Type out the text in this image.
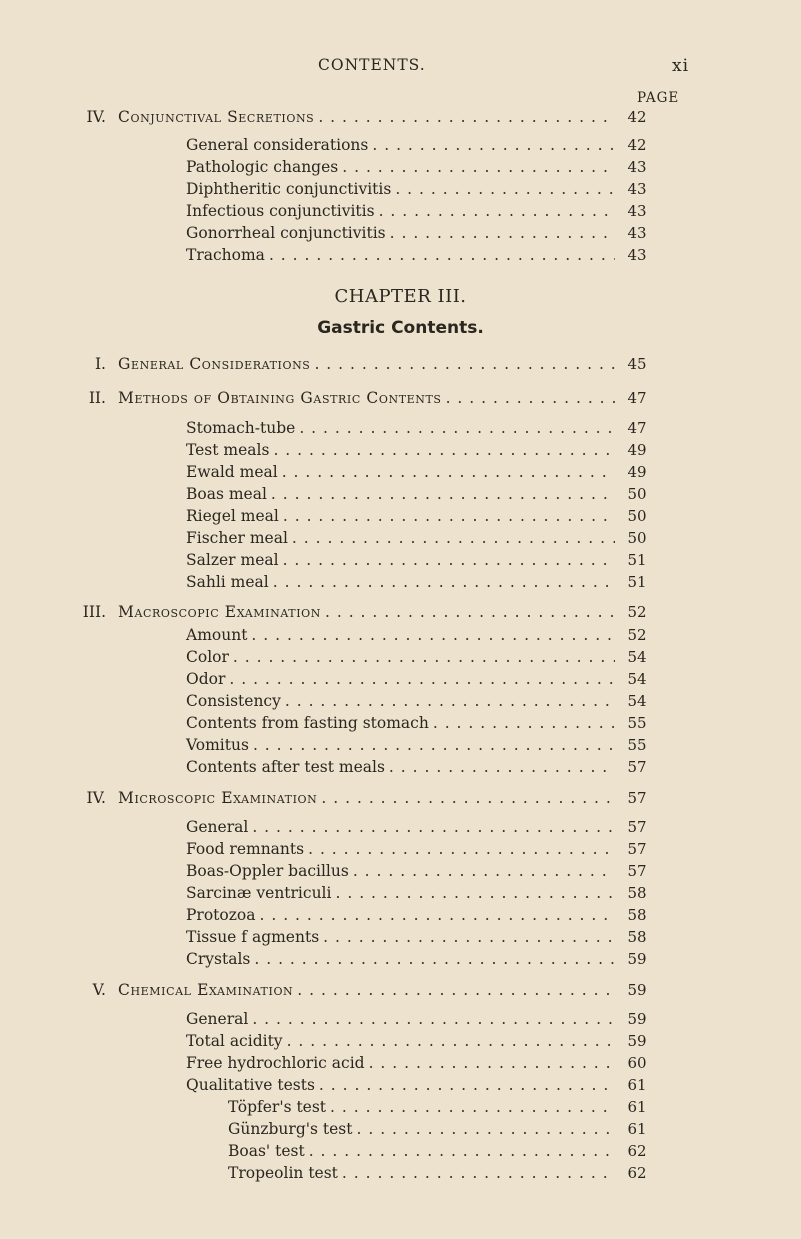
CONTENTS.	xi
PAGE
CHAPTER III.
Gastric Contents.
IV. Conjunctival Secretions . . .	42
General considerations . . .	42
Pathologic changes . . .	43
Diphtheritic conjunctivitis . . .	43
Infectious conjunctivitis . . .	43
Gonorrheal conjunctivitis . . .	43
Trachoma . . .	43
I. General Considerations . . .	45
II. Methods of Obtaining Gastric Contents . . .	47
Stomach-tube . . .	47
Test meals . . .	49
Ewald meal . . .	49
Boas meal . . .	50
Riegel meal . . .	50
Fischer meal . . .	50
Salzer meal . . .	51
Sahli meal . . .	51
III. Macroscopic Examination . . .	52
Amount . . .	52
Color . . .	54
Odor . . .	54
Consistency . . .	54
Contents from fasting stomach . . .	55
Vomitus . . .	55
Contents after test meals . . .	57
IV. Microscopic Examination . . .	57
General . . .	57
Food remnants . . .	57
Boas-Oppler bacillus . . .	57
Sarcinæ ventriculi . . .	58
Protozoa . . .	58
Tissue f agments . . .	58
Crystals . . .	59
V. Chemical Examination . . .	59
General . . .	59
Total acidity . . .	59
Free hydrochloric acid . . .	60
Qualitative tests . . .	61
Töpfer's test . . .	61
Günzburg's test . . .	61
Boas' test . . .	62
Tropeolin test . . .	62
